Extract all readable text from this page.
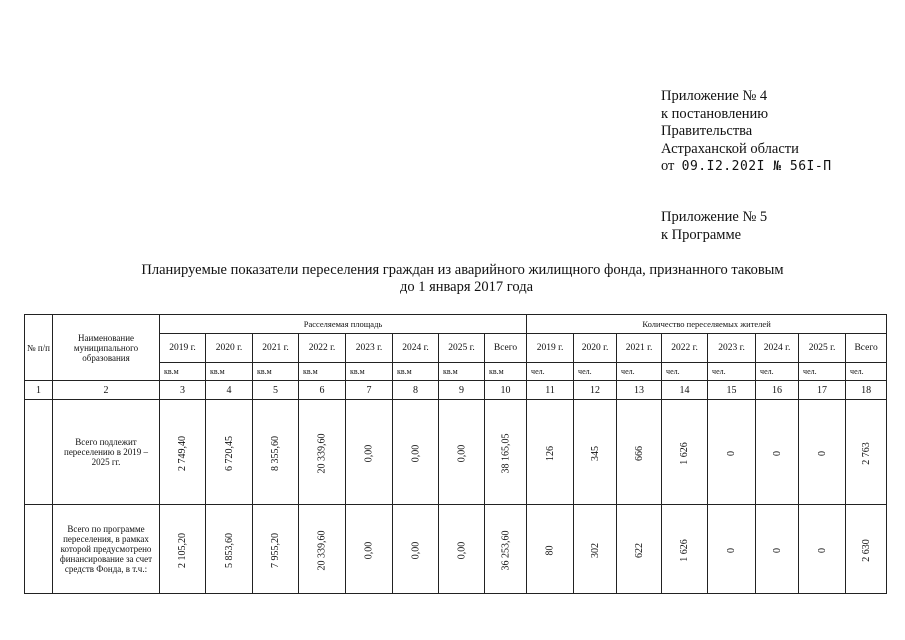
Приложение № 4
к постановлению
Правительства
Астраханской области
от 09.I2.202I № 56I-П
Приложение № 5
к Программе
Планируемые показатели переселения граждан из аварийного жилищного фонда, признанного таковым
до 1 января 2017 года
№ п/п	Наименование муниципального образования	Расселяемая площадь								Количество переселяемых жителей							
		2019 г.	2020 г.	2021 г.	2022 г.	2023 г.	2024 г.	2025 г.	Всего	2019 г.	2020 г.	2021 г.	2022 г.	2023 г.	2024 г.	2025 г.	Всего
		кв.м	кв.м	кв.м	кв.м	кв.м	кв.м	кв.м	кв.м	чел.	чел.	чел.	чел.	чел.	чел.	чел.	чел.
1	2	3	4	5	6	7	8	9	10	11	12	13	14	15	16	17	18
	Всего подлежит переселению в 2019 – 2025 гг.	2 749,40	6 720,45	8 355,60	20 339,60	0,00	0,00	0,00	38 165,05	126	345	666	1 626	0	0	0	2 763
	Всего по программе переселения, в рамках которой предусмотрено финансирование за счет средств Фонда, в т.ч.:	2 105,20	5 853,60	7 955,20	20 339,60	0,00	0,00	0,00	36 253,60	80	302	622	1 626	0	0	0	2 630
